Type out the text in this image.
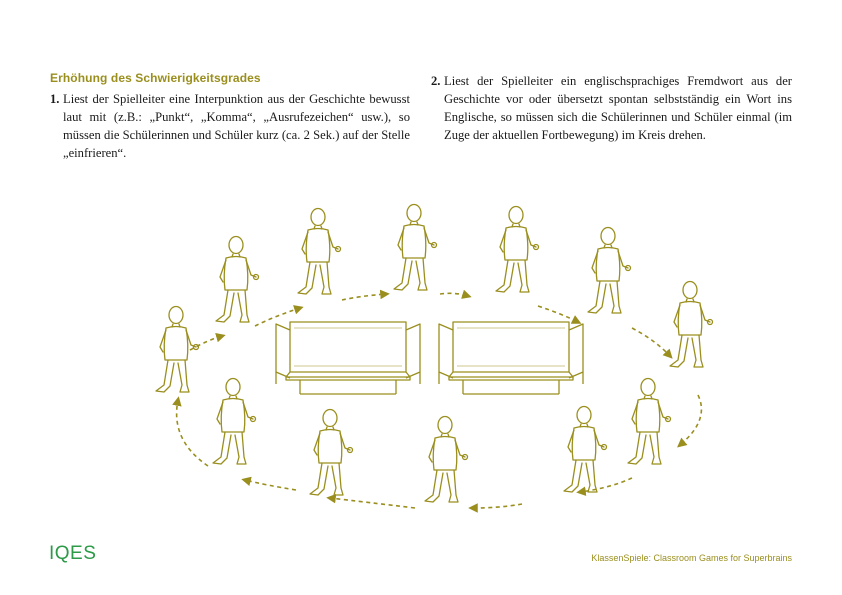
Erhöhung des Schwierigkeitsgrades
1. Liest der Spielleiter eine Interpunktion aus der Geschichte bewusst laut mit (z.B.: „Punkt“, „Komma“, „Ausrufezeichen“ usw.), so müssen die Schülerinnen und Schüler kurz (ca. 2 Sek.) auf der Stelle „einfrieren“.
2. Liest der Spielleiter ein englischsprachiges Fremdwort aus der Geschichte vor oder übersetzt spontan selbstständig ein Wort ins Englische, so müssen sich die Schülerinnen und Schüler einmal (im Zuge der aktuellen Fortbewegung) im Kreis drehen.
IQES	KlassenSpiele: Classroom Games for Superbrains
